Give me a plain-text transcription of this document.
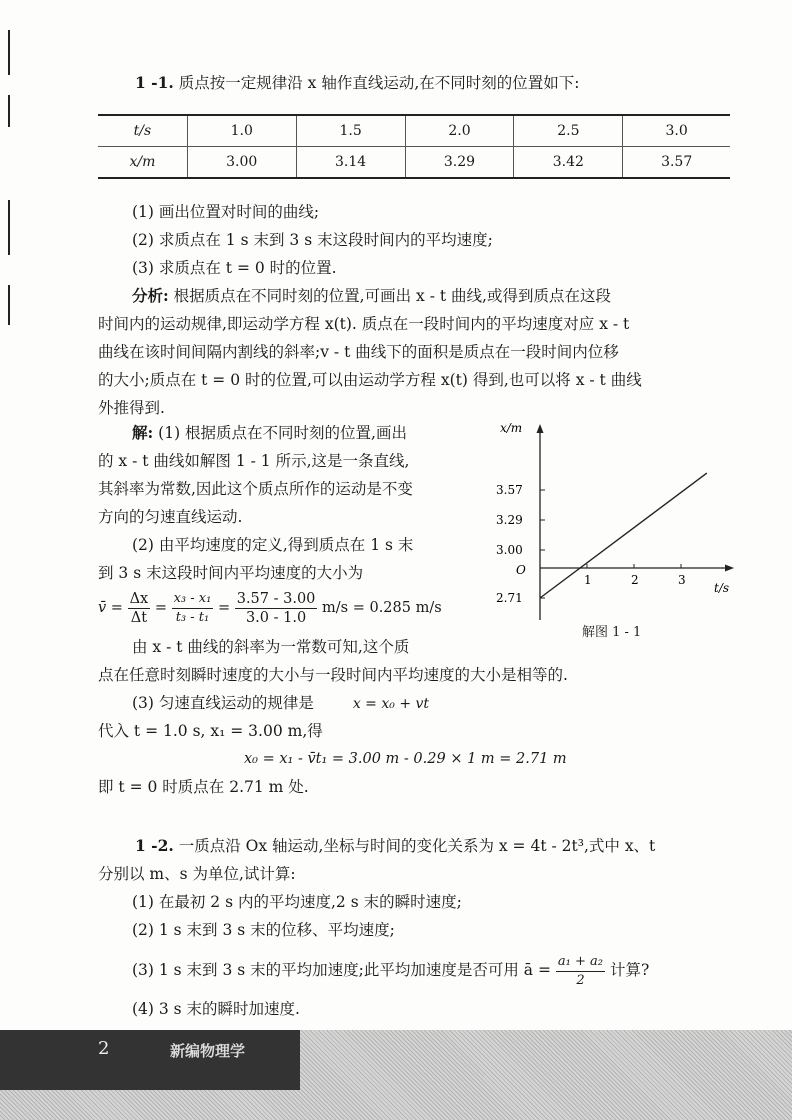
1 -1. 质点按一定规律沿 x 轴作直线运动,在不同时刻的位置如下:
t/s	1.0	1.5	2.0	2.5	3.0
x/m	3.00	3.14	3.29	3.42	3.57
(1) 画出位置对时间的曲线;
(2) 求质点在 1 s 末到 3 s 末这段时间内的平均速度;
(3) 求质点在 t = 0 时的位置.
分析: 根据质点在不同时刻的位置,可画出 x - t 曲线,或得到质点在这段
时间内的运动规律,即运动学方程 x(t). 质点在一段时间内的平均速度对应 x - t
曲线在该时间间隔内割线的斜率;v - t 曲线下的面积是质点在一段时间内位移
的大小;质点在 t = 0 时的位置,可以由运动学方程 x(t) 得到,也可以将 x - t 曲线
外推得到.
解: (1) 根据质点在不同时刻的位置,画出
的 x - t 曲线如解图 1 - 1 所示,这是一条直线,
其斜率为常数,因此这个质点所作的运动是不变
方向的匀速直线运动.
(2) 由平均速度的定义,得到质点在 1 s 末
到 3 s 末这段时间内平均速度的大小为
v̄ = $\frac{\Delta x}{\Delta t} = \frac{\text{x₃ - x₁}}{\text{t₃ - t₁}} = \frac{3.57 - 3.00}{3.0 - 1.0} m/s = 0.285$ m/s
由 x - t 曲线的斜率为一常数可知,这个质
点在任意时刻瞬时速度的大小与一段时间内平均速度的大小是相等的.
(3) 匀速直线运动的规律是	x = x₀ + vt
代入 t = 1.0 s, x₁ = 3.00 m,得
x₀ = x₁ - v̄t₁ = 3.00 m - 0.29 × 1 m = 2.71 m
即 t = 0 时质点在 2.71 m 处.
x/m
t/s
O
1	2	3
3.57
3.29
3.00
2.71
解图 1 - 1
1 -2. 一质点沿 Ox 轴运动,坐标与时间的变化关系为 x = 4t - 2t³,式中 x、t
分别以 m、s 为单位,试计算:
(1) 在最初 2 s 内的平均速度,2 s 末的瞬时速度;
(2) 1 s 末到 3 s 末的位移、平均速度;
(3) 1 s 末到 3 s 末的平均加速度;此平均加速度是否可用 ā = $\frac{\text{a₁ + a₂}}{2}$ 计算?
(4) 3 s 末的瞬时加速度.
2	新编物理学
